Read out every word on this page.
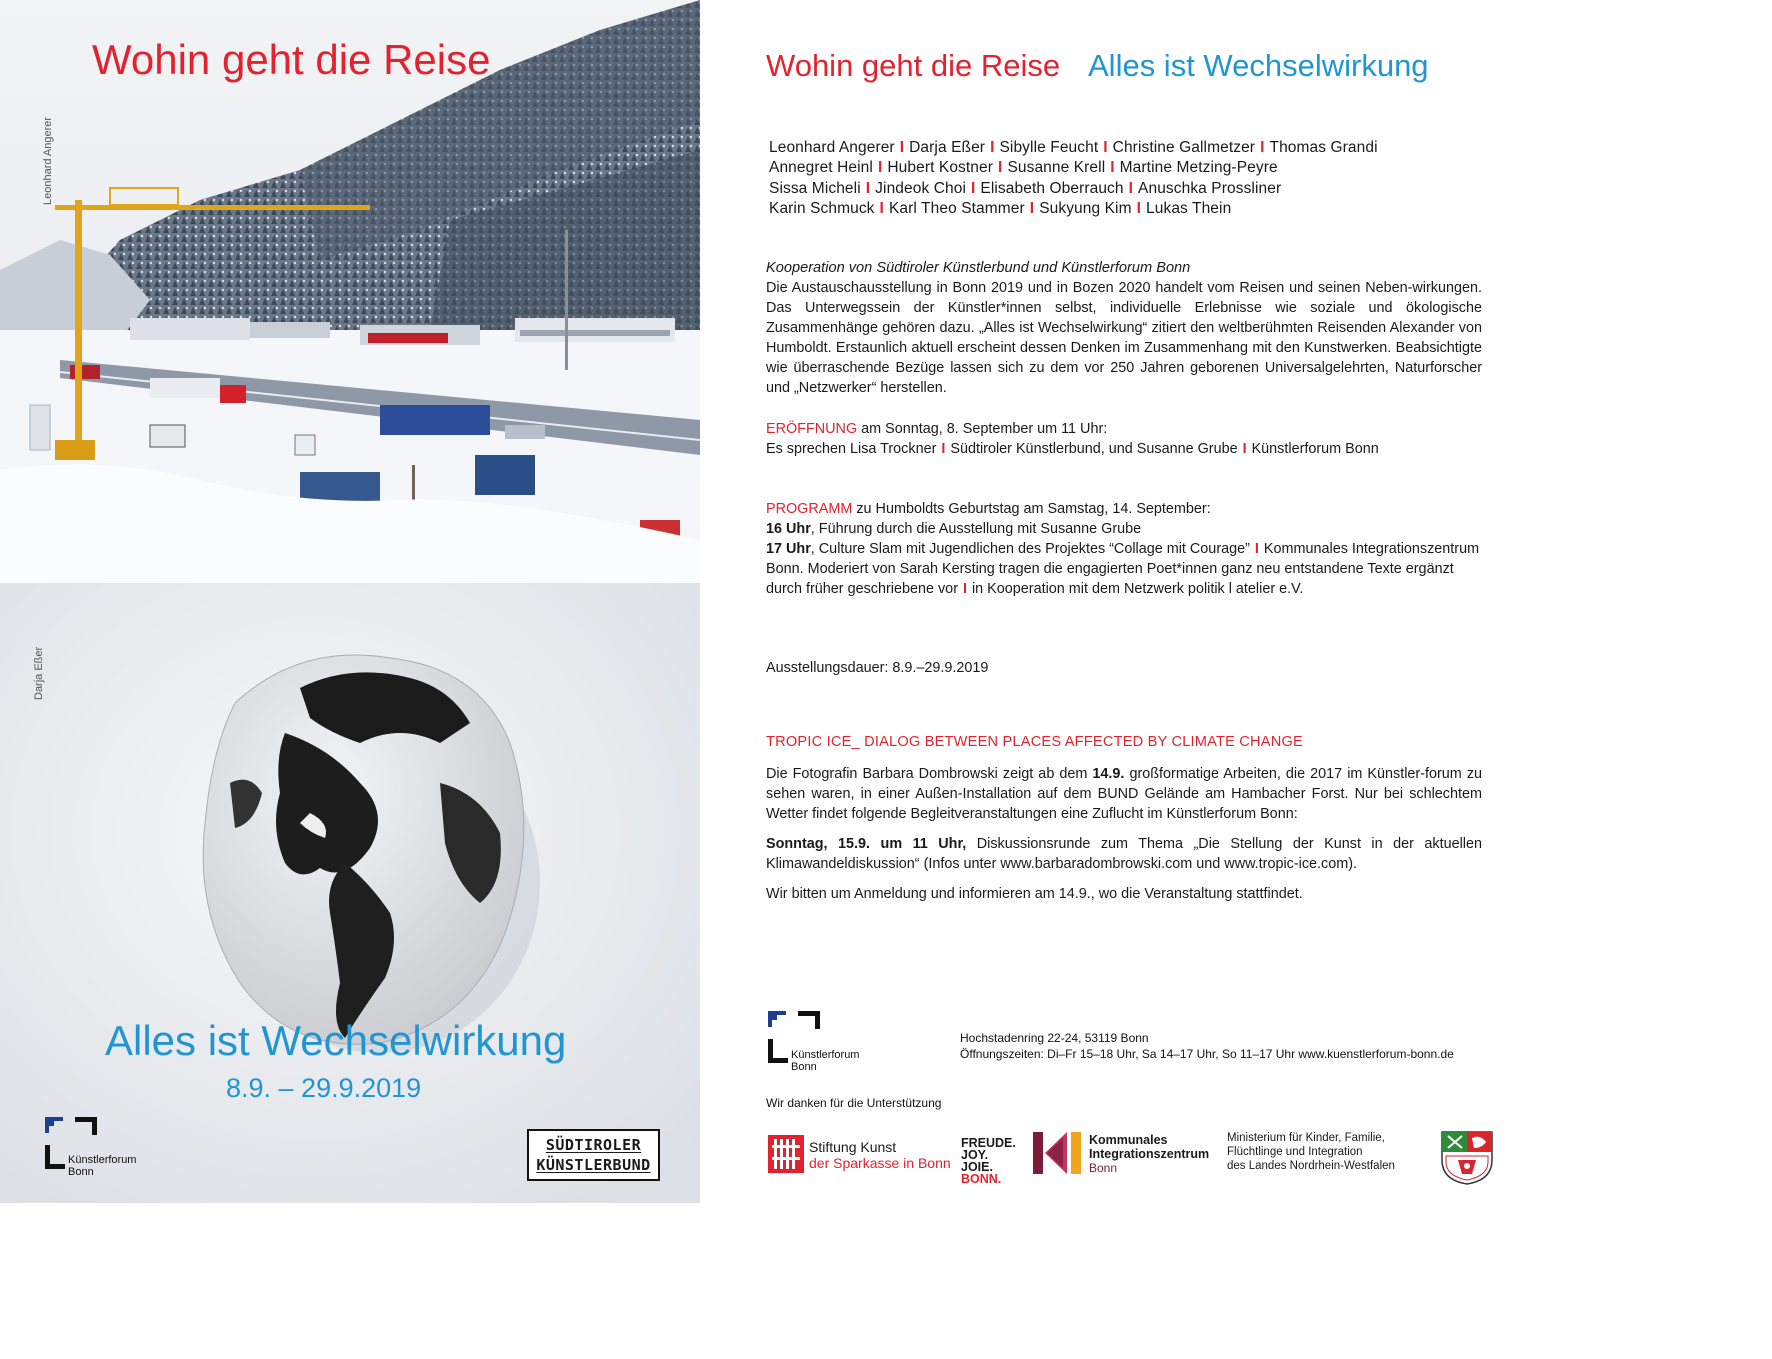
Wohin geht die Reise
Leonhard Angerer
Darja Eßer
Alles ist Wechselwirkung
8.9. – 29.9.2019
Künstlerforum
Bonn
SÜDTIROLER
KÜNSTLERBUND
Wohin geht die Reise Alles ist Wechselwirkung
Leonhard Angerer I Darja Eßer I Sibylle Feucht I Christine Gallmetzer I Thomas Grandi
Annegret Heinl I Hubert Kostner I Susanne Krell I Martine Metzing-Peyre
Sissa Micheli I Jindeok Choi I Elisabeth Oberrauch I Anuschka Prossliner
Karin Schmuck I Karl Theo Stammer I Sukyung Kim I Lukas Thein
Kooperation von Südtiroler Künstlerbund und Künstlerforum Bonn
Die Austauschausstellung in Bonn 2019 und in Bozen 2020 handelt vom Reisen und seinen Neben-wirkungen. Das Unterwegssein der Künstler*innen selbst, individuelle Erlebnisse wie soziale und ökologische Zusammenhänge gehören dazu. „Alles ist Wechselwirkung“ zitiert den weltberühmten Reisenden Alexander von Humboldt. Erstaunlich aktuell erscheint dessen Denken im Zusammenhang mit den Kunstwerken. Beabsichtigte wie überraschende Bezüge lassen sich zu dem vor 250 Jahren geborenen Universalgelehrten, Naturforscher und „Netzwerker“ herstellen.
ERÖFFNUNG am Sonntag, 8. September um 11 Uhr:
Es sprechen Lisa Trockner I Südtiroler Künstlerbund, und Susanne Grube I Künstlerforum Bonn
PROGRAMM zu Humboldts Geburtstag am Samstag, 14. September:
16 Uhr, Führung durch die Ausstellung mit Susanne Grube
17 Uhr, Culture Slam mit Jugendlichen des Projektes “Collage mit Courage” I Kommunales Integrationszentrum Bonn. Moderiert von Sarah Kersting tragen die engagierten Poet*innen ganz neu entstandene Texte ergänzt durch früher geschriebene vor I in Kooperation mit dem Netzwerk politik l atelier e.V.
Ausstellungsdauer: 8.9.–29.9.2019
TROPIC ICE_ DIALOG BETWEEN PLACES AFFECTED BY CLIMATE CHANGE
Die Fotografin Barbara Dombrowski zeigt ab dem 14.9. großformatige Arbeiten, die 2017 im Künstler-forum zu sehen waren, in einer Außen-Installation auf dem BUND Gelände am Hambacher Forst. Nur bei schlechtem Wetter findet folgende Begleitveranstaltungen eine Zuflucht im Künstlerforum Bonn:
Sonntag, 15.9. um 11 Uhr, Diskussionsrunde zum Thema „Die Stellung der Kunst in der aktuellen Klimawandeldiskussion“ (Infos unter www.barbaradombrowski.com und www.tropic-ice.com).
Wir bitten um Anmeldung und informieren am 14.9., wo die Veranstaltung stattfindet.
Künstlerforum
Bonn
Hochstadenring 22-24, 53119 Bonn
Öffnungszeiten: Di–Fr 15–18 Uhr, Sa 14–17 Uhr, So 11–17 Uhr www.kuenstlerforum-bonn.de
Wir danken für die Unterstützung
Stiftung Kunst
der Sparkasse in Bonn
FREUDE.
JOY.
JOIE.
BONN.
Kommunales
Integrationszentrum
Bonn
Ministerium für Kinder, Familie,
Flüchtlinge und Integration
des Landes Nordrhein-Westfalen
